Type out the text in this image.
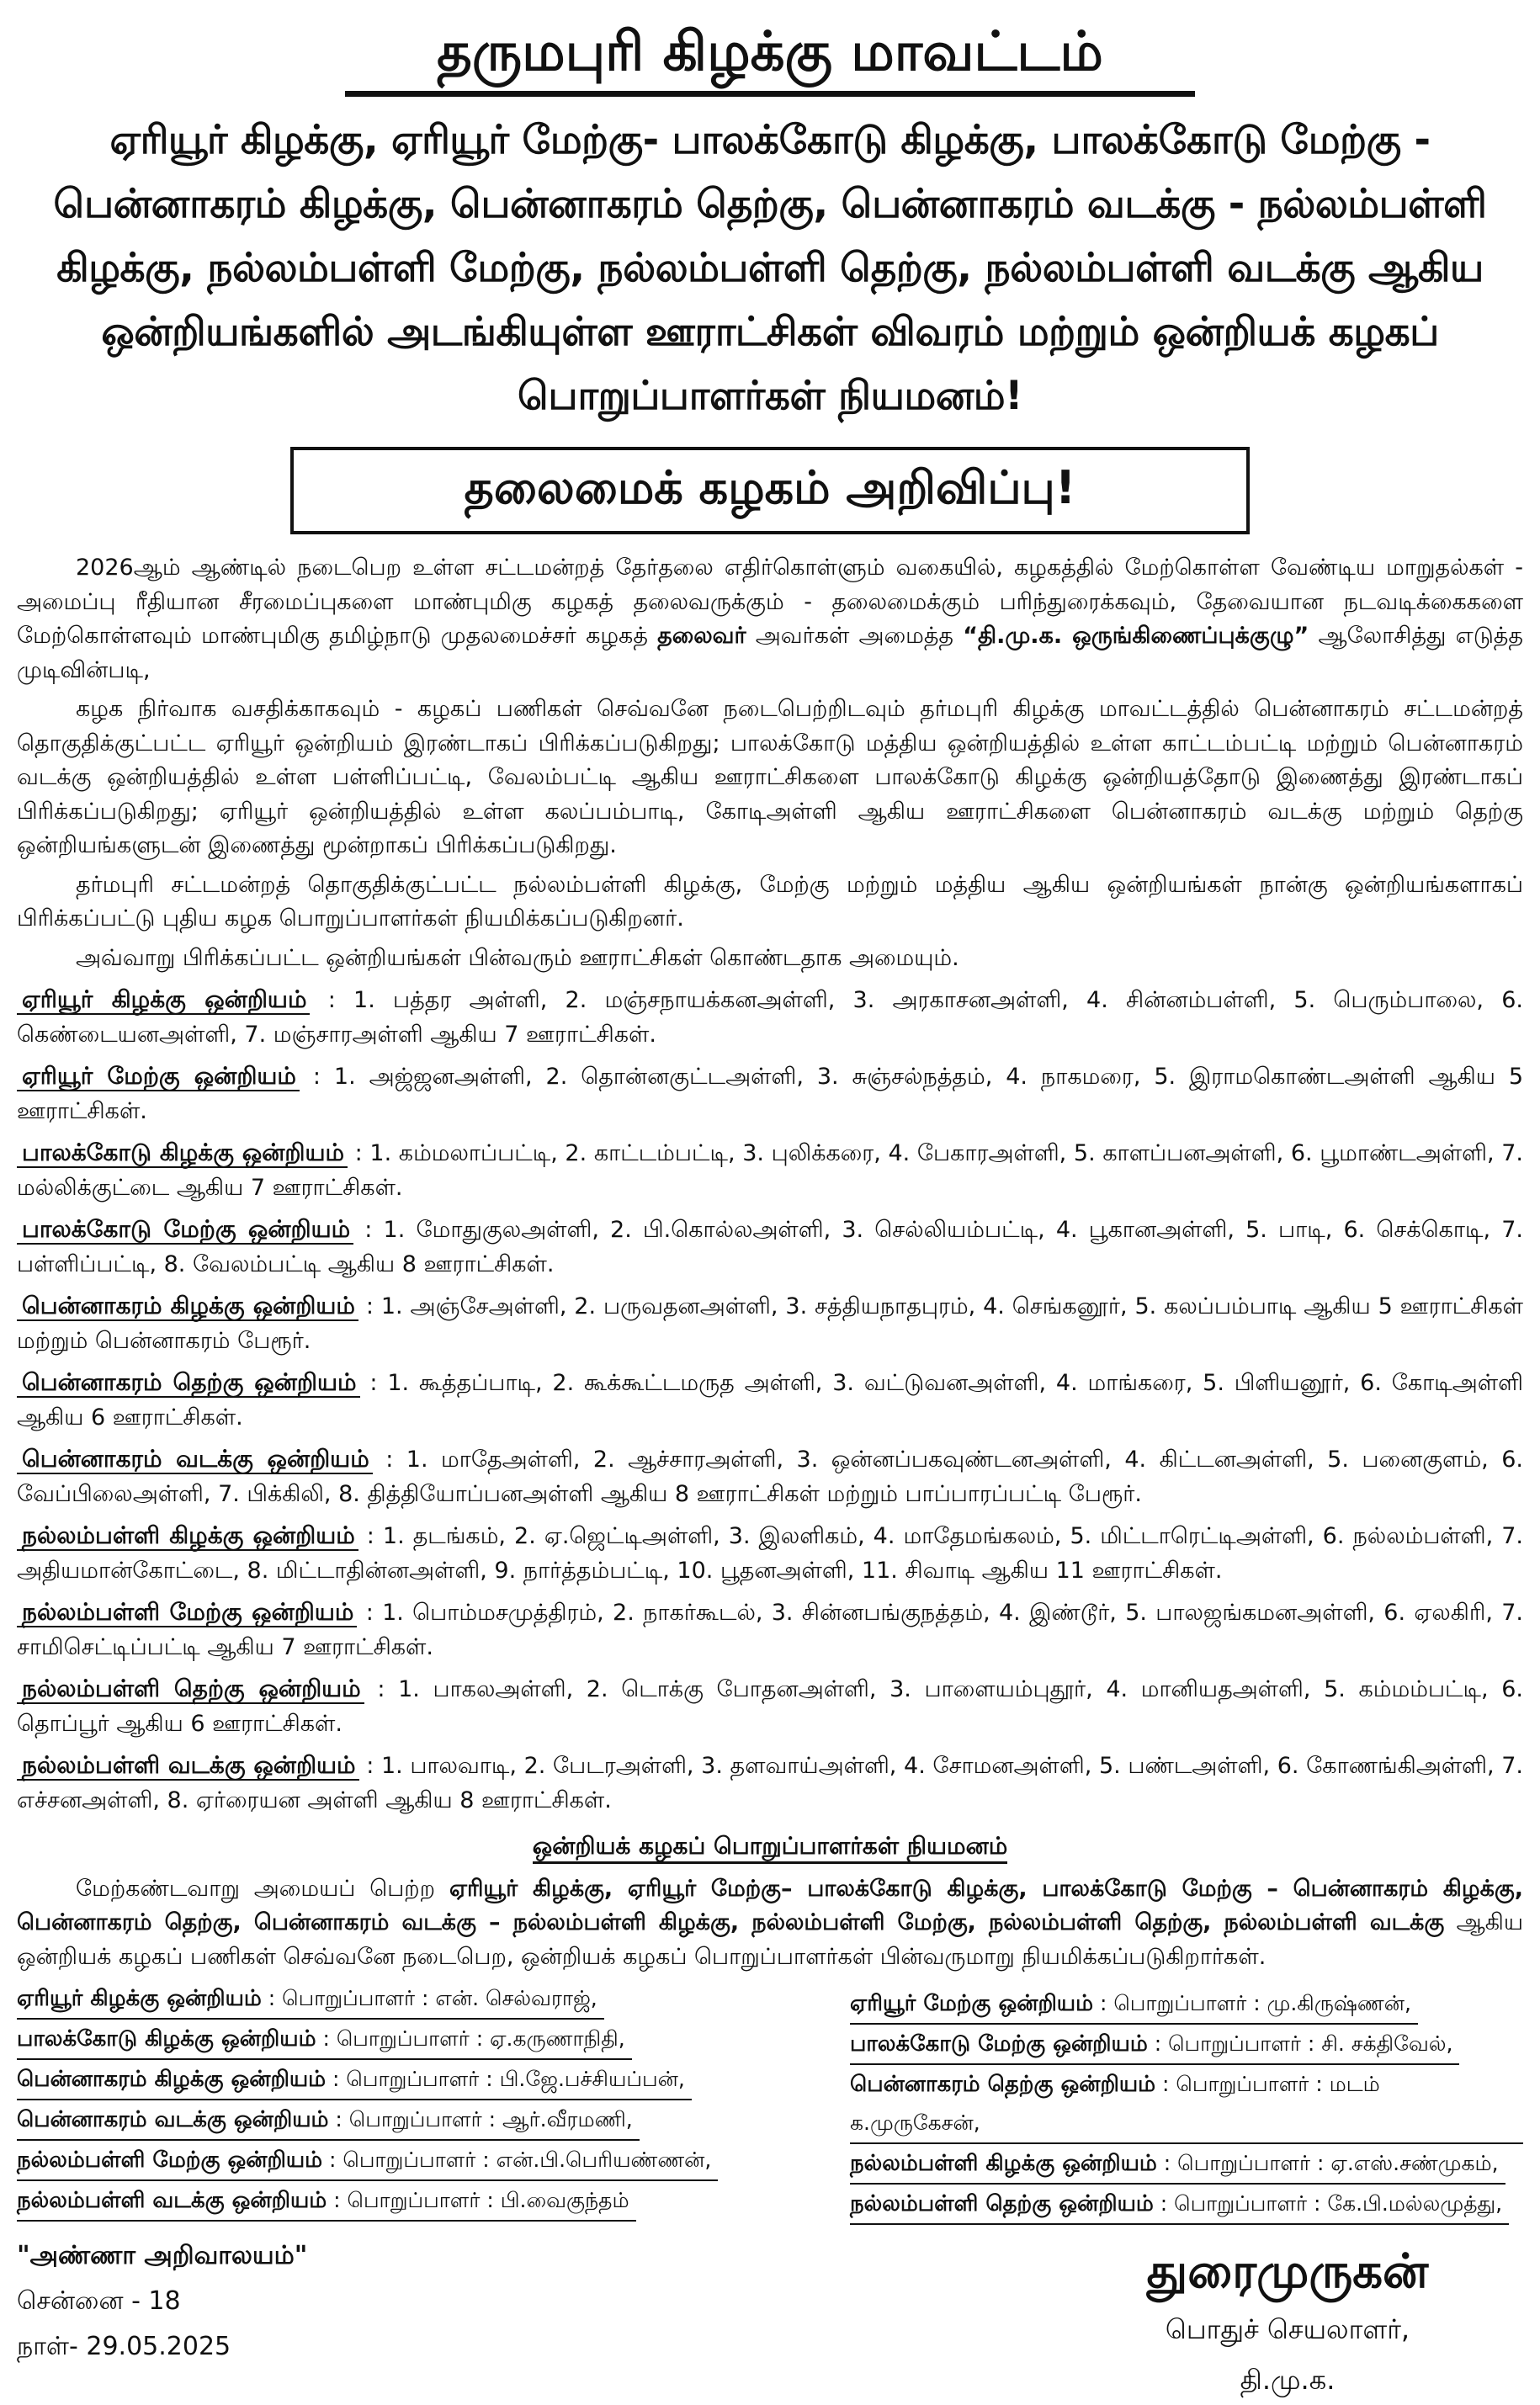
தருமபுரி கிழக்கு மாவட்டம்
ஏரியூர் கிழக்கு, ஏரியூர் மேற்கு- பாலக்கோடு கிழக்கு, பாலக்கோடு மேற்கு - பென்னாகரம் கிழக்கு, பென்னாகரம் தெற்கு, பென்னாகரம் வடக்கு - நல்லம்பள்ளி கிழக்கு, நல்லம்பள்ளி மேற்கு, நல்லம்பள்ளி தெற்கு, நல்லம்பள்ளி வடக்கு ஆகிய ஒன்றியங்களில் அடங்கியுள்ள ஊராட்சிகள் விவரம் மற்றும் ஒன்றியக் கழகப் பொறுப்பாளர்கள் நியமனம்!
தலைமைக் கழகம் அறிவிப்பு!

2026ஆம் ஆண்டில் நடைபெற உள்ள சட்டமன்றத் தேர்தலை எதிர்கொள்ளும் வகையில், கழகத்தில் மேற்கொள்ள வேண்டிய மாறுதல்கள் - அமைப்பு ரீதியான சீரமைப்புகளை மாண்புமிகு கழகத் தலைவருக்கும் - தலைமைக்கும் பரிந்துரைக்கவும், தேவையான நடவடிக்கைகளை மேற்கொள்ளவும் மாண்புமிகு தமிழ்நாடு முதலமைச்சர் கழகத் தலைவர் அவர்கள் அமைத்த “தி.மு.க. ஒருங்கிணைப்புக்குழு” ஆலோசித்து எடுத்த முடிவின்படி,

கழக நிர்வாக வசதிக்காகவும் - கழகப் பணிகள் செவ்வனே நடைபெற்றிடவும் தர்மபுரி கிழக்கு மாவட்டத்தில் பென்னாகரம் சட்டமன்றத் தொகுதிக்குட்பட்ட ஏரியூர் ஒன்றியம் இரண்டாகப் பிரிக்கப்படுகிறது; பாலக்கோடு மத்திய ஒன்றியத்தில் உள்ள காட்டம்பட்டி மற்றும் பென்னாகரம் வடக்கு ஒன்றியத்தில் உள்ள பள்ளிப்பட்டி, வேலம்பட்டி ஆகிய ஊராட்சிகளை பாலக்கோடு கிழக்கு ஒன்றியத்தோடு இணைத்து இரண்டாகப் பிரிக்கப்படுகிறது; ஏரியூர் ஒன்றியத்தில் உள்ள கலப்பம்பாடி, கோடிஅள்ளி ஆகிய ஊராட்சிகளை பென்னாகரம் வடக்கு மற்றும் தெற்கு ஒன்றியங்களுடன் இணைத்து மூன்றாகப் பிரிக்கப்படுகிறது.

தர்மபுரி சட்டமன்றத் தொகுதிக்குட்பட்ட நல்லம்பள்ளி கிழக்கு, மேற்கு மற்றும் மத்திய ஆகிய ஒன்றியங்கள் நான்கு ஒன்றியங்களாகப் பிரிக்கப்பட்டு புதிய கழக பொறுப்பாளர்கள் நியமிக்கப்படுகிறனர்.

அவ்வாறு பிரிக்கப்பட்ட ஒன்றியங்கள் பின்வரும் ஊராட்சிகள் கொண்டதாக அமையும்.

ஏரியூர் கிழக்கு ஒன்றியம் : 1. பத்தர அள்ளி, 2. மஞ்சநாயக்கனஅள்ளி, 3. அரகாசனஅள்ளி, 4. சின்னம்பள்ளி, 5. பெரும்பாலை, 6. கெண்டையனஅள்ளி, 7. மஞ்சாரஅள்ளி ஆகிய 7 ஊராட்சிகள்.

ஏரியூர் மேற்கு ஒன்றியம் : 1. அஜ்ஜனஅள்ளி, 2. தொன்னகுட்டஅள்ளி, 3. சுஞ்சல்நத்தம், 4. நாகமரை, 5. இராமகொண்டஅள்ளி ஆகிய 5 ஊராட்சிகள்.

பாலக்கோடு கிழக்கு ஒன்றியம் : 1. கம்மலாப்பட்டி, 2. காட்டம்பட்டி, 3. புலிக்கரை, 4. பேகாரஅள்ளி, 5. காளப்பனஅள்ளி, 6. பூமாண்டஅள்ளி, 7. மல்லிக்குட்டை ஆகிய 7 ஊராட்சிகள்.

பாலக்கோடு மேற்கு ஒன்றியம் : 1. மோதுகுலஅள்ளி, 2. பி.கொல்லஅள்ளி, 3. செல்லியம்பட்டி, 4. பூகானஅள்ளி, 5. பாடி, 6. செக்கொடி, 7. பள்ளிப்பட்டி, 8. வேலம்பட்டி ஆகிய 8 ஊராட்சிகள்.

பென்னாகரம் கிழக்கு ஒன்றியம் : 1. அஞ்சேஅள்ளி, 2. பருவதனஅள்ளி, 3. சத்தியநாதபுரம், 4. செங்கனூர், 5. கலப்பம்பாடி ஆகிய 5 ஊராட்சிகள் மற்றும் பென்னாகரம் பேரூர்.

பென்னாகரம் தெற்கு ஒன்றியம் : 1. கூத்தப்பாடி, 2. கூக்கூட்டமருத அள்ளி, 3. வட்டுவனஅள்ளி, 4. மாங்கரை, 5. பிளியனூர், 6. கோடிஅள்ளி ஆகிய 6 ஊராட்சிகள்.

பென்னாகரம் வடக்கு ஒன்றியம் : 1. மாதேஅள்ளி, 2. ஆச்சாரஅள்ளி, 3. ஒன்னப்பகவுண்டனஅள்ளி, 4. கிட்டனஅள்ளி, 5. பனைகுளம், 6. வேப்பிலைஅள்ளி, 7. பிக்கிலி, 8. தித்தியோப்பனஅள்ளி ஆகிய 8 ஊராட்சிகள் மற்றும் பாப்பாரப்பட்டி பேரூர்.

நல்லம்பள்ளி கிழக்கு ஒன்றியம் : 1. தடங்கம், 2. ஏ.ஜெட்டிஅள்ளி, 3. இலளிகம், 4. மாதேமங்கலம், 5. மிட்டாரெட்டிஅள்ளி, 6. நல்லம்பள்ளி, 7. அதியமான்கோட்டை, 8. மிட்டாதின்னஅள்ளி, 9. நார்த்தம்பட்டி, 10. பூதனஅள்ளி, 11. சிவாடி ஆகிய 11 ஊராட்சிகள்.

நல்லம்பள்ளி மேற்கு ஒன்றியம் : 1. பொம்மசமுத்திரம், 2. நாகர்கூடல், 3. சின்னபங்குநத்தம், 4. இண்டூர், 5. பாலஜங்கமனஅள்ளி, 6. ஏலகிரி, 7. சாமிசெட்டிப்பட்டி ஆகிய 7 ஊராட்சிகள்.

நல்லம்பள்ளி தெற்கு ஒன்றியம் : 1. பாகலஅள்ளி, 2. டொக்கு போதனஅள்ளி, 3. பாளையம்புதூர், 4. மானியதஅள்ளி, 5. கம்மம்பட்டி, 6. தொப்பூர் ஆகிய 6 ஊராட்சிகள்.

நல்லம்பள்ளி வடக்கு ஒன்றியம் : 1. பாலவாடி, 2. பேடரஅள்ளி, 3. தளவாய்அள்ளி, 4. சோமனஅள்ளி, 5. பண்டஅள்ளி, 6. கோணங்கிஅள்ளி, 7. எச்சனஅள்ளி, 8. ஏர்ரையன அள்ளி ஆகிய 8 ஊராட்சிகள்.

ஒன்றியக் கழகப் பொறுப்பாளர்கள் நியமனம்

மேற்கண்டவாறு அமையப் பெற்ற ஏரியூர் கிழக்கு, ஏரியூர் மேற்கு– பாலக்கோடு கிழக்கு, பாலக்கோடு மேற்கு – பென்னாகரம் கிழக்கு, பென்னாகரம் தெற்கு, பென்னாகரம் வடக்கு – நல்லம்பள்ளி கிழக்கு, நல்லம்பள்ளி மேற்கு, நல்லம்பள்ளி தெற்கு, நல்லம்பள்ளி வடக்கு ஆகிய ஒன்றியக் கழகப் பணிகள் செவ்வனே நடைபெற, ஒன்றியக் கழகப் பொறுப்பாளர்கள் பின்வருமாறு நியமிக்கப்படுகிறார்கள்.

ஏரியூர் கிழக்கு ஒன்றியம் : பொறுப்பாளர் : என். செல்வராஜ்,
பாலக்கோடு கிழக்கு ஒன்றியம் : பொறுப்பாளர் : ஏ.கருணாநிதி,
பென்னாகரம் கிழக்கு ஒன்றியம் : பொறுப்பாளர் : பி.ஜே.பச்சியப்பன்,
பென்னாகரம் வடக்கு ஒன்றியம் : பொறுப்பாளர் : ஆர்.வீரமணி,
நல்லம்பள்ளி மேற்கு ஒன்றியம் : பொறுப்பாளர் : என்.பி.பெரியண்ணன்,
நல்லம்பள்ளி வடக்கு ஒன்றியம் : பொறுப்பாளர் : பி.வைகுந்தம்
ஏரியூர் மேற்கு ஒன்றியம் : பொறுப்பாளர் : மு.கிருஷ்ணன்,
பாலக்கோடு மேற்கு ஒன்றியம் : பொறுப்பாளர் : சி. சக்திவேல்,
பென்னாகரம் தெற்கு ஒன்றியம் : பொறுப்பாளர் : மடம் க.முருகேசன்,
நல்லம்பள்ளி கிழக்கு ஒன்றியம் : பொறுப்பாளர் : ஏ.எஸ்.சண்முகம்,
நல்லம்பள்ளி தெற்கு ஒன்றியம் : பொறுப்பாளர் : கே.பி.மல்லமுத்து,
"அண்ணா அறிவாலயம்"
சென்னை - 18
நாள்- 29.05.2025
துரைமுருகன்
பொதுச் செயலாளர்,
தி.மு.க.
